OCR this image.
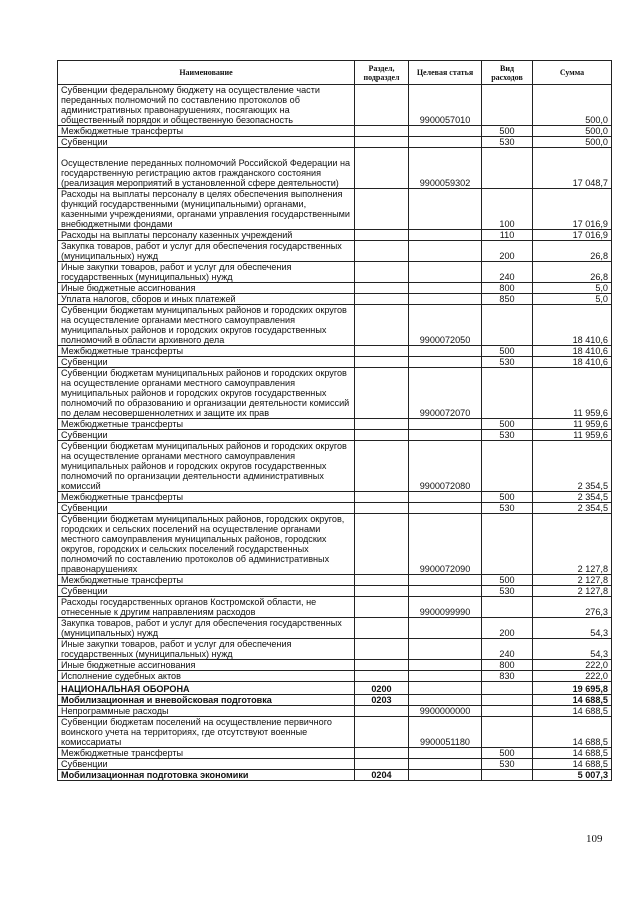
Наименование	Раздел, подраздел	Целевая статья	Вид расходов	Сумма
Субвенции федеральному бюджету на осуществление части переданных полномочий по составлению протоколов об административных правонарушениях, посягающих на общественный порядок и общественную безопасность		9900057010		500,0
Межбюджетные трансферты			500	500,0
Субвенции			530	500,0
Осуществление переданных полномочий Российской Федерации на государственную регистрацию актов гражданского состояния (реализация мероприятий в установленной сфере деятельности)		9900059302		17 048,7
Расходы на выплаты персоналу в целях обеспечения выполнения функций государственными (муниципальными) органами, казенными учреждениями, органами управления государственными внебюджетными фондами			100	17 016,9
Расходы на выплаты персоналу казенных учреждений			110	17 016,9
Закупка товаров, работ и услуг для обеспечения государственных (муниципальных) нужд			200	26,8
Иные закупки товаров, работ и услуг для обеспечения государственных (муниципальных) нужд			240	26,8
Иные бюджетные ассигнования			800	5,0
Уплата налогов, сборов и иных платежей			850	5,0
Субвенции бюджетам муниципальных районов и городских округов на осуществление органами местного самоуправления муниципальных районов и городских округов государственных полномочий в области архивного дела		9900072050		18 410,6
Межбюджетные трансферты			500	18 410,6
Субвенции			530	18 410,6
Субвенции бюджетам муниципальных районов и городских округов на осуществление органами местного самоуправления муниципальных районов и городских округов государственных полномочий по образованию и организации деятельности комиссий по делам несовершеннолетних и защите их прав		9900072070		11 959,6
Межбюджетные трансферты			500	11 959,6
Субвенции			530	11 959,6
Субвенции бюджетам муниципальных районов и городских округов на осуществление органами местного самоуправления муниципальных районов и городских округов государственных полномочий по организации деятельности административных комиссий		9900072080		2 354,5
Межбюджетные трансферты			500	2 354,5
Субвенции			530	2 354,5
Субвенции бюджетам муниципальных районов, городских округов, городских и сельских поселений на осуществление органами местного самоуправления муниципальных районов, городских округов, городских и сельских поселений государственных полномочий по составлению протоколов об административных правонарушениях		9900072090		2 127,8
Межбюджетные трансферты			500	2 127,8
Субвенции			530	2 127,8
Расходы государственных органов Костромской области, не отнесенные к другим направлениям расходов		9900099990		276,3
Закупка товаров, работ и услуг для обеспечения государственных (муниципальных) нужд			200	54,3
Иные закупки товаров, работ и услуг для обеспечения государственных (муниципальных) нужд			240	54,3
Иные бюджетные ассигнования			800	222,0
Исполнение судебных актов			830	222,0
НАЦИОНАЛЬНАЯ ОБОРОНА	0200			19 695,8
Мобилизационная и вневойсковая подготовка	0203			14 688,5
Непрограммные расходы		9900000000		14 688,5
Субвенции бюджетам поселений на осуществление первичного воинского учета на территориях, где отсутствуют военные комиссариаты		9900051180		14 688,5
Межбюджетные трансферты			500	14 688,5
Субвенции			530	14 688,5
Мобилизационная подготовка экономики	0204			5 007,3
109
